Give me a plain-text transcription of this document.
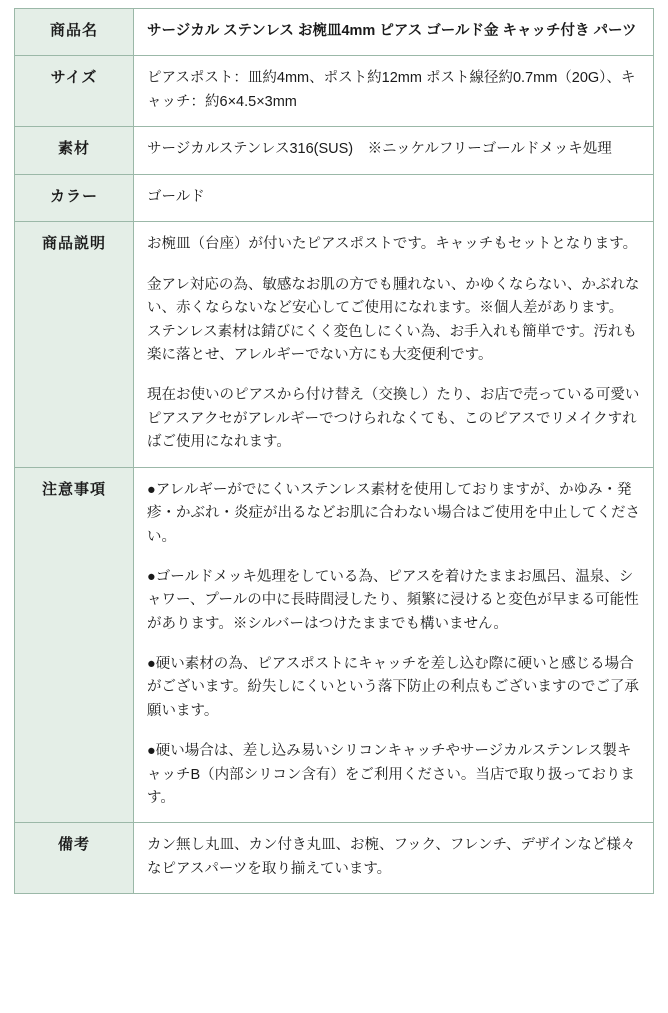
商品名	サージカル ステンレス お椀皿4mm ピアス ゴールド金 キャッチ付き パーツ

サイズ	ピアスポスト：皿約4mm、ポスト約12mm ポスト線径約0.7mm（20G）、キャッチ：約6×4.5×3mm

素材	サージカルステンレス316(SUS)　※ニッケルフリーゴールドメッキ処理

カラー	ゴールド

商品説明	お椀皿（台座）が付いたピアスポストです。キャッチもセットとなります。

金アレ対応の為、敏感なお肌の方でも腫れない、かゆくならない、かぶれない、赤くならないなど安心してご使用になれます。※個人差があります。 ステンレス素材は錆びにくく変色しにくい為、お手入れも簡単です。汚れも楽に落とせ、アレルギーでない方にも大変便利です。

現在お使いのピアスから付け替え（交換し）たり、お店で売っている可愛いピアスアクセがアレルギーでつけられなくても、このピアスでリメイクすればご使用になれます。

注意事項	●アレルギーがでにくいステンレス素材を使用しておりますが、かゆみ・発疹・かぶれ・炎症が出るなどお肌に合わない場合はご使用を中止してください。

●ゴールドメッキ処理をしている為、ピアスを着けたままお風呂、温泉、シャワー、プールの中に長時間浸したり、頻繁に浸けると変色が早まる可能性があります。※シルバーはつけたままでも構いません。

●硬い素材の為、ピアスポストにキャッチを差し込む際に硬いと感じる場合がございます。紛失しにくいという落下防止の利点もございますのでご了承願います。

●硬い場合は、差し込み易いシリコンキャッチやサージカルステンレス製キャッチB（内部シリコン含有）をご利用ください。当店で取り扱っております。

備考	カン無し丸皿、カン付き丸皿、お椀、フック、フレンチ、デザインなど様々なピアスパーツを取り揃えています。
